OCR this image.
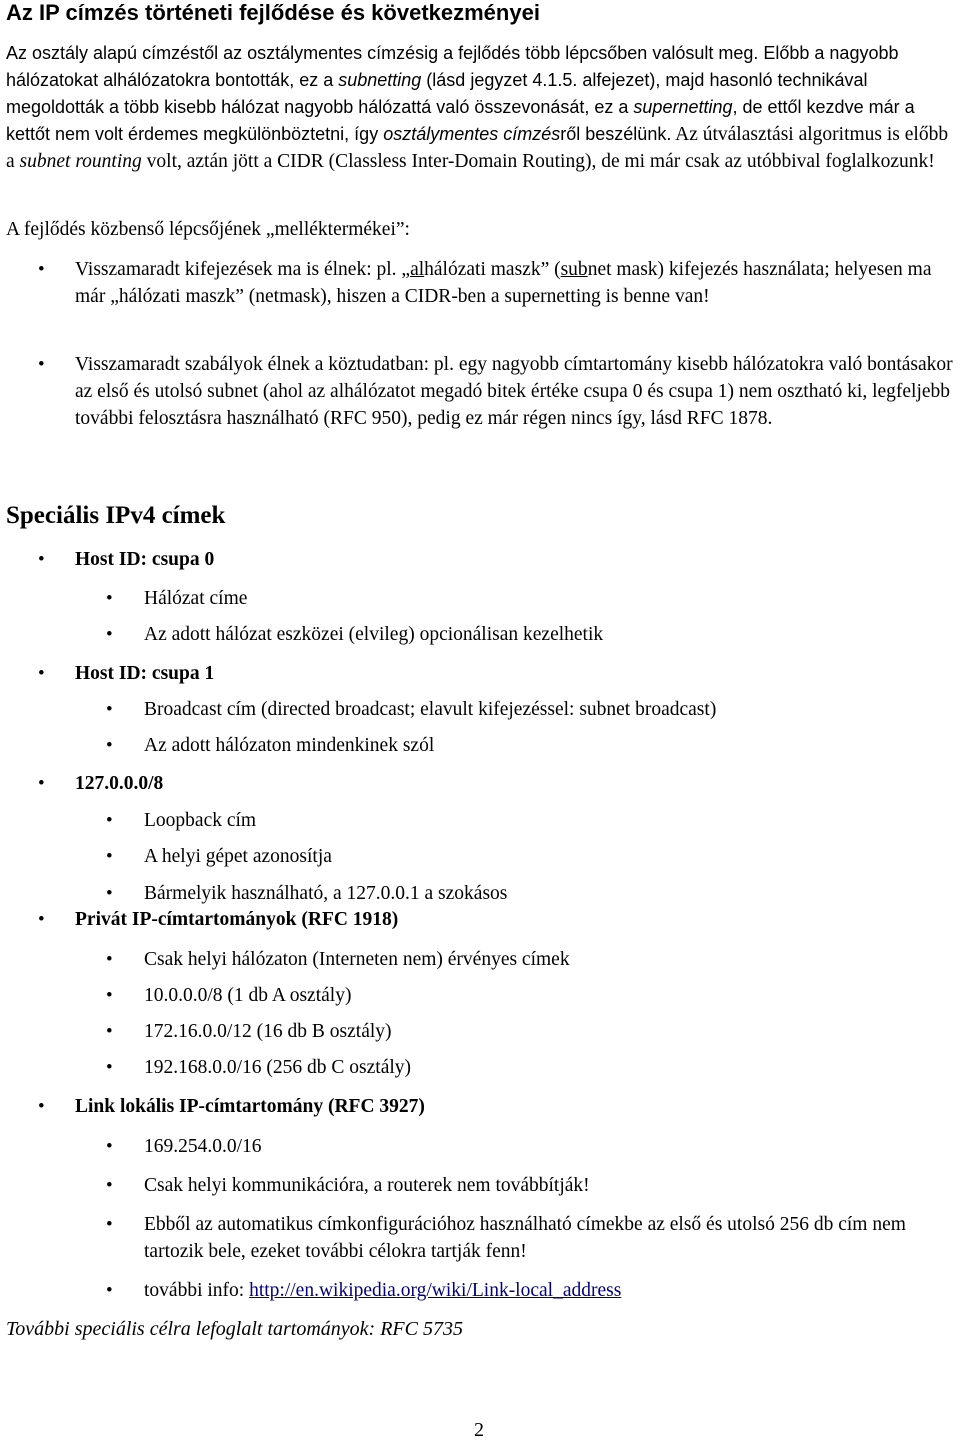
Az IP címzés történeti fejlődése és következményei

Az osztály alapú címzéstől az osztálymentes címzésig a fejlődés több lépcsőben valósult meg. Előbb a nagyobb hálózatokat alhálózatokra bontották, ez a subnetting (lásd jegyzet 4.1.5. alfejezet), majd hasonló technikával megoldották a több kisebb hálózat nagyobb hálózattá való összevonását, ez a supernetting, de ettől kezdve már a kettőt nem volt érdemes megkülönböztetni, így osztálymentes címzésről beszélünk. Az útválasztási algoritmus is előbb a subnet rounting volt, aztán jött a CIDR (Classless Inter-Domain Routing), de mi már csak az utóbbival foglalkozunk!

A fejlődés közbenső lépcsőjének „melléktermékei”:

• Visszamaradt kifejezések ma is élnek: pl. „alhálózati maszk” (subnet mask) kifejezés használata; helyesen ma már „hálózati maszk” (netmask), hiszen a CIDR-ben a supernetting is benne van!

• Visszamaradt szabályok élnek a köztudatban: pl. egy nagyobb címtartomány kisebb hálózatokra való bontásakor az első és utolsó subnet (ahol az alhálózatot megadó bitek értéke csupa 0 és csupa 1) nem osztható ki, legfeljebb további felosztásra használható (RFC 950), pedig ez már régen nincs így, lásd RFC 1878.

Speciális IPv4 címek
• Host ID: csupa 0

• Hálózat címe

• Az adott hálózat eszközei (elvileg) opcionálisan kezelhetik

• Host ID: csupa 1

• Broadcast cím (directed broadcast; elavult kifejezéssel: subnet broadcast)

• Az adott hálózaton mindenkinek szól

• 127.0.0.0/8

• Loopback cím

• A helyi gépet azonosítja

• Bármelyik használható, a 127.0.0.1 a szokásos

• Privát IP-címtartományok (RFC 1918)

• Csak helyi hálózaton (Interneten nem) érvényes címek

• 10.0.0.0/8 (1 db A osztály)

• 172.16.0.0/12 (16 db B osztály)

• 192.168.0.0/16 (256 db C osztály)

• Link lokális IP-címtartomány (RFC 3927)

• 169.254.0.0/16

• Csak helyi kommunikációra, a routerek nem továbbítják!

• Ebből az automatikus címkonfigurációhoz használható címekbe az első és utolsó 256 db cím nem tartozik bele, ezeket további célokra tartják fenn!

• további info: http://en.wikipedia.org/wiki/Link-local_address

További speciális célra lefoglalt tartományok: RFC 5735
2
